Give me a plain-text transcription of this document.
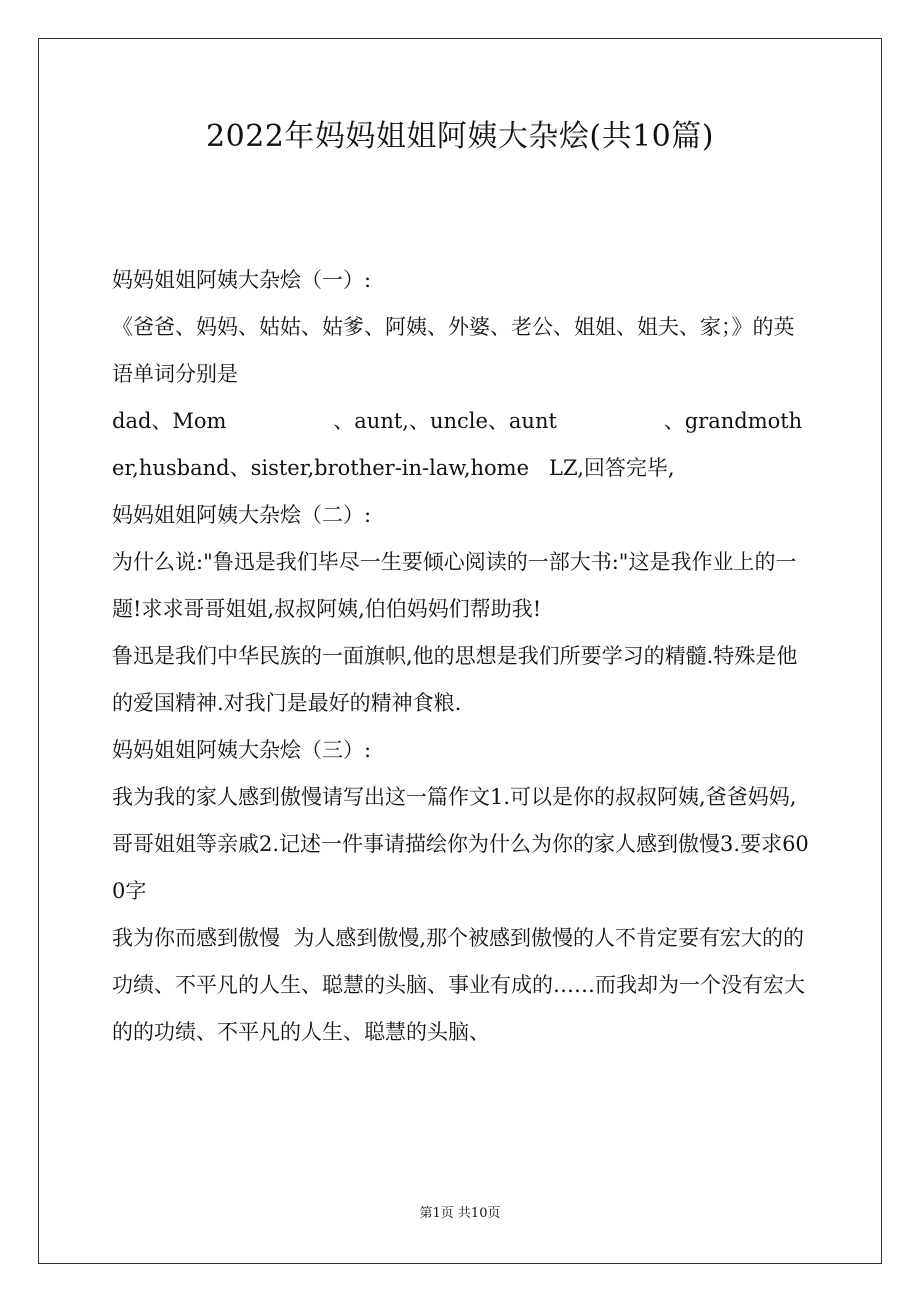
2022年妈妈姐姐阿姨大杂烩(共10篇)

妈妈姐姐阿姨大杂烩（一）:

《爸爸、妈妈、姑姑、姑爹、阿姨、外婆、老公、姐姐、姐夫、家；》的英语单词分别是

dad、Mom                、aunt,、uncle、aunt                、grandmother,husband、sister,brother-in-law,home   LZ,回答完毕,

妈妈姐姐阿姨大杂烩（二）:

为什么说:"鲁迅是我们毕尽一生要倾心阅读的一部大书:"这是我作业上的一题!求求哥哥姐姐,叔叔阿姨,伯伯妈妈们帮助我!

鲁迅是我们中华民族的一面旗帜,他的思想是我们所要学习的精髓.特殊是他的爱国精神.对我门是最好的精神食粮.

妈妈姐姐阿姨大杂烩（三）:

我为我的家人感到傲慢请写出这一篇作文1.可以是你的叔叔阿姨,爸爸妈妈,哥哥姐姐等亲戚2.记述一件事请描绘你为什么为你的家人感到傲慢3.要求600字

我为你而感到傲慢  为人感到傲慢,那个被感到傲慢的人不肯定要有宏大的的功绩、不平凡的人生、聪慧的头脑、事业有成的……而我却为一个没有宏大的的功绩、不平凡的人生、聪慧的头脑、

第1页 共10页
